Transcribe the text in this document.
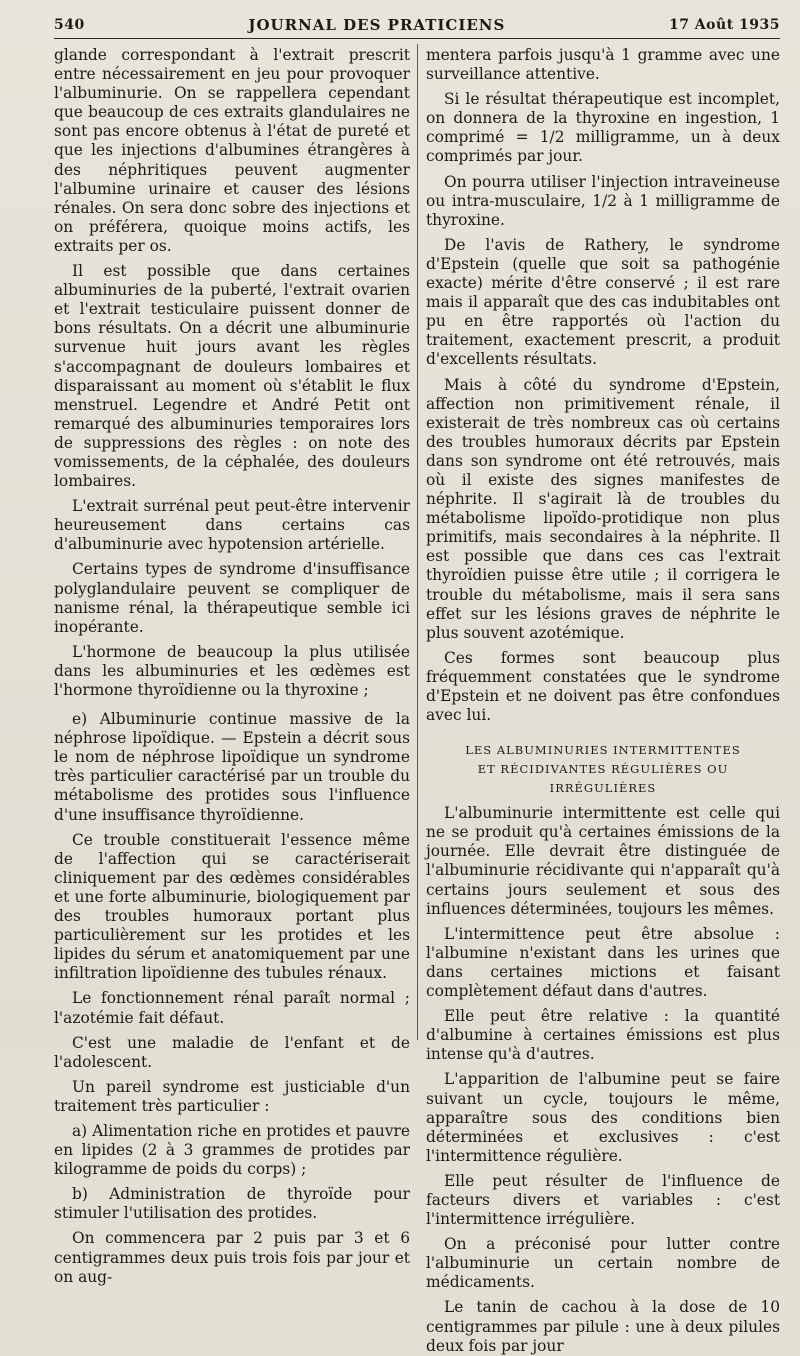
540	JOURNAL DES PRATICIENS	17 Août 1935

glande correspondant à l'extrait prescrit entre nécessairement en jeu pour provoquer l'albuminurie. On se rappellera cependant que beaucoup de ces extraits glandulaires ne sont pas encore obtenus à l'état de pureté et que les injections d'albumines étrangères à des néphritiques peuvent augmenter l'albumine urinaire et causer des lésions rénales. On sera donc sobre des injections et on préférera, quoique moins actifs, les extraits per os.

Il est possible que dans certaines albuminuries de la puberté, l'extrait ovarien et l'extrait testiculaire puissent donner de bons résultats. On a décrit une albuminurie survenue huit jours avant les règles s'accompagnant de douleurs lombaires et disparaissant au moment où s'établit le flux menstruel. Legendre et André Petit ont remarqué des albuminuries temporaires lors de suppressions des règles : on note des vomissements, de la céphalée, des douleurs lombaires.

L'extrait surrénal peut peut-être intervenir heureusement dans certains cas d'albuminurie avec hypotension artérielle.

Certains types de syndrome d'insuffisance polyglandulaire peuvent se compliquer de nanisme rénal, la thérapeutique semble ici inopérante.

L'hormone de beaucoup la plus utilisée dans les albuminuries et les œdèmes est l'hormone thyroïdienne ou la thyroxine ;

e) Albuminurie continue massive de la néphrose lipoïdique. — Epstein a décrit sous le nom de néphrose lipoïdique un syndrome très particulier caractérisé par un trouble du métabolisme des protides sous l'influence d'une insuffisance thyroïdienne.

Ce trouble constituerait l'essence même de l'affection qui se caractériserait cliniquement par des œdèmes considérables et une forte albuminurie, biologiquement par des troubles humoraux portant plus particulièrement sur les protides et les lipides du sérum et anatomiquement par une infiltration lipoïdienne des tubules rénaux.

Le fonctionnement rénal paraît normal ; l'azotémie fait défaut.

C'est une maladie de l'enfant et de l'adolescent.

Un pareil syndrome est justiciable d'un traitement très particulier :

a) Alimentation riche en protides et pauvre en lipides (2 à 3 grammes de protides par kilogramme de poids du corps) ;

b) Administration de thyroïde pour stimuler l'utilisation des protides.

On commencera par 2 puis par 3 et 6 centigrammes deux puis trois fois par jour et on aug-

mentera parfois jusqu'à 1 gramme avec une surveillance attentive.

Si le résultat thérapeutique est incomplet, on donnera de la thyroxine en ingestion, 1 comprimé = 1/2 milligramme, un à deux comprimés par jour.

On pourra utiliser l'injection intraveineuse ou intra-musculaire, 1/2 à 1 milligramme de thyroxine.

De l'avis de Rathery, le syndrome d'Epstein (quelle que soit sa pathogénie exacte) mérite d'être conservé ; il est rare mais il apparaît que des cas indubitables ont pu en être rapportés où l'action du traitement, exactement prescrit, a produit d'excellents résultats.

Mais à côté du syndrome d'Epstein, affection non primitivement rénale, il existerait de très nombreux cas où certains des troubles humoraux décrits par Epstein dans son syndrome ont été retrouvés, mais où il existe des signes manifestes de néphrite. Il s'agirait là de troubles du métabolisme lipoïdo-protidique non plus primitifs, mais secondaires à la néphrite. Il est possible que dans ces cas l'extrait thyroïdien puisse être utile ; il corrigera le trouble du métabolisme, mais il sera sans effet sur les lésions graves de néphrite le plus souvent azotémique.

Ces formes sont beaucoup plus fréquemment constatées que le syndrome d'Epstein et ne doivent pas être confondues avec lui.

LES ALBUMINURIES INTERMITTENTES
ET RÉCIDIVANTES RÉGULIÈRES OU IRRÉGULIÈRES

L'albuminurie intermittente est celle qui ne se produit qu'à certaines émissions de la journée. Elle devrait être distinguée de l'albuminurie récidivante qui n'apparaît qu'à certains jours seulement et sous des influences déterminées, toujours les mêmes.

L'intermittence peut être absolue : l'albumine n'existant dans les urines que dans certaines mictions et faisant complètement défaut dans d'autres.

Elle peut être relative : la quantité d'albumine à certaines émissions est plus intense qu'à d'autres.

L'apparition de l'albumine peut se faire suivant un cycle, toujours le même, apparaître sous des conditions bien déterminées et exclusives : c'est l'intermittence régulière.

Elle peut résulter de l'influence de facteurs divers et variables : c'est l'intermittence irrégulière.

On a préconisé pour lutter contre l'albuminurie un certain nombre de médicaments.

Le tanin de cachou à la dose de 10 centigrammes par pilule : une à deux pilules deux fois par jour
